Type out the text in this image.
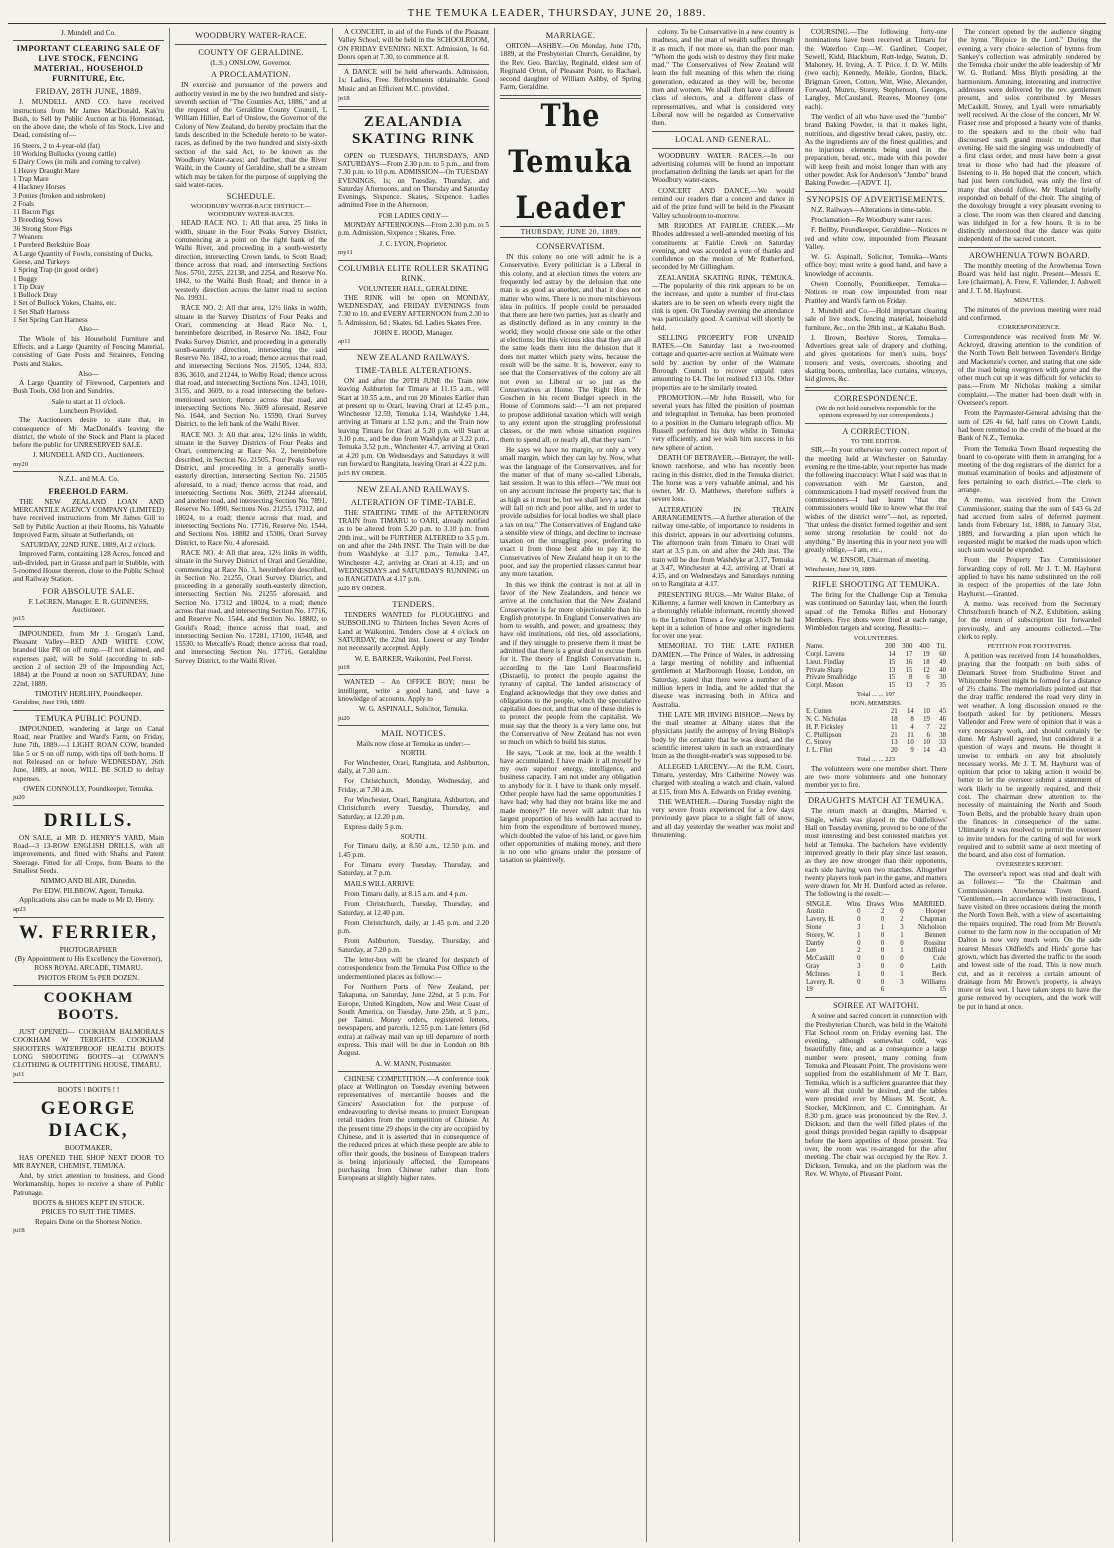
THE TEMUKA LEADER, THURSDAY, JUNE 20, 1889.
J. Mundell and Co.
IMPORTANT CLEARING SALE OF LIVE STOCK, FENCING MATERIAL, HOUSEHOLD FURNITURE, Etc.
FRIDAY, 28TH JUNE, 1889.
J. MUNDELL AND CO. have received instructions from Mr James MacDonald, Kak'ru Bush, to Sell by Public Auction at his Homestead, on the above date, the whole of his Stock, Live and Dead, consisting of—
16 Steers, 2 to 4-year-old (fat)
10 Working Bullocks (young cattle)
6 Dairy Cows (in milk and coming to calve)
1 Heavy Draught Mare
1 Trap Mare
4 Hackney Horses
3 Ponies (broken and unbroken)
2 Foals
11 Bacon Pigs
3 Breeding Sows
36 Strong Store Pigs
7 Weaners
1 Purebred Berkshire Boar
A Large Quantity of Fowls, consisting of Ducks, Geese, and Turkeys
1 Spring Trap (in good order)
1 Buggy
1 Tip Dray
1 Bullock Dray
1 Set of Bullock Yokes, Chains, etc.
1 Set Shaft Harness
1 Set Spring Cart Harness
Also—
The Whole of his Household Furniture and Effects, and a Large Quantity of Fencing Material, consisting of Gate Posts and Strainers, Fencing Posts and Stakes.
Also—
A Large Quantity of Firewood, Carpenters and Bush Tools, Old Iron and Sundries.
Sale to start at 11 o'clock.
Luncheon Provided.
The Auctioneers desire to state that, in consequence of Mr MacDonald's leaving the district, the whole of the Stock and Plant is placed before the public for UNRESERVED SALE.
J. MUNDELL AND CO., Auctioneers.
my20
N.Z.L. and M.A. Co.
FREEHOLD FARM.
THE NEW ZEALAND LOAN AND MERCANTILE AGENCY COMPANY (LIMITED) have received instructions from Mr James Gill to Sell by Public Auction at their Rooms, his Valuable Improved Farm, situate at Sutherlands, on
SATURDAY, 22ND JUNE, 1889, At 2 o'clock.
Improved Farm, containing 128 Acres, fenced and sub-divided, part in Grasse and part in Stubble, with 5-roomed House thereon, close to the Public School and Railway Station.
FOR ABSOLUTE SALE.
F. LeCREN, Manager. E. R. GUINNESS, Auctioneer.
jn15
IMPOUNDED, from Mr J. Grogan's Land, Pleasant Valley—RED AND WHITE COW, branded like PR on off rump.—If not claimed, and expenses paid, will be Sold (according to sub-section 2 of section 29 of the Impounding Act, 1884) at the Pound at noon on SATURDAY, June 22nd, 1889.
TIMOTHY HERLIHY, Poundkeeper.
Geraldine, June 19th, 1889.
TEMUKA PUBLIC POUND.
IMPOUNDED, wandering at large on Canal Road, near Prattley and Ward's Farm, on Friday, June 7th, 1889.—1 LIGHT ROAN COW, branded like 5 or S on off rump, with tips off both horns. If not Released on or before WEDNESDAY, 26th June, 1889, at noon, WILL BE SOLD to defray expenses.
OWEN CONNOLLY, Poundkeeper, Temuka.
ju20
DRILLS.
ON SALE, at MR D. HENRY'S YARD, Main Road—3 13-ROW ENGLISH DRILLS, with all improvements, and fitted with Shafts and Patent Steerage. Fitted for all Crops, from Beans to the Smallest Seeds.
NIMMO AND BLAIR, Dunedin.
Per EDW. PILBROW, Agent, Temuka.
Applications also can be made to Mr D. Henry.
ap23
W. FERRIER,
PHOTOGRAPHER
(By Appointment to His Excellency the Governor),
ROSS ROYAL ARCADE, TIMARU.
PHOTOS FROM 5s PER DOZEN.
COOKHAM BOOTS.
JUST OPENED— COOKHAM BALMORALS COOKHAM W TERIGHTS COOKHAM SHOOTERS WATERPROOF HEALTH BOOTS LONG SHOOTING BOOTS—at COWAN'S CLOTHING & OUTFITTING HOUSE, TIMARU.
ju11
BOOTS ! BOOTS ! !
GEORGE DIACK,
BOOTMAKER,
HAS OPENED THE SHOP NEXT DOOR TO MR RAYNER, CHEMIST, TEMUKA.
And, by strict attention to business, and Good Workmanship, hopes to receive a share of Public Patronage.
BOOTS & SHOES KEPT IN STOCK.
PRICES TO SUIT THE TIMES.
Repairs Done on the Shortest Notice.
ju18
WOODBURY WATER-RACE.
COUNTY OF GERALDINE.
(L.S.) ONSLOW, Governor.
A PROCLAMATION.
IN exercise and pursuance of the powers and authority vested in me by the two hundred and sixty-seventh section of "The Counties Act, 1886," and at the request of the Geraldine County Council, I, William Hillier, Earl of Onslow, the Governor of the Colony of New Zealand, do hereby proclaim that the lands described in the Schedule hereto to be water-races, as defined by the two hundred and sixty-sixth section of the said Act, to be known as the Woodbury Water-races; and further, that the River Waihi, in the County of Geraldine, shall be a stream which may be taken for the purpose of supplying the said water-races.
SCHEDULE.
WOODBURY WATER-RACE DISTRICT.— WOODBURY WATER-RACES.
HEAD RACE NO. 1: All that area, 25 links in width, situate in the Four Peaks Survey District, commencing at a point on the right bank of the Waihi River, and proceeding in a south-westerly direction, intersecting Crown lands, to Scott Road; thence across that road, and intersecting Sections Nos. 5701, 2255, 22138, and 2254, and Reserve No. 1842, to the Waihi Bush Road; and thence in a westerly direction across the latter road to section No. 19931.
RACE NO. 2: All that area, 12½ links in width, situate in the Survey Districts of Four Peaks and Orari, commencing at Head Race No. 1, hereinbefore described, in Reserve No. 1842, Four Peaks Survey District, and proceeding in a generally south-easterly direction, intersecting the said Reserve No. 1842, to a road; thence across that road, and intersecting Sections Nos. 21505, 1244, 833, 836, 3610, and 21244, to Welby Road; thence across that road, and intersecting Sections Nos. 1243, 1010, 3155, and 3609, to a road intersecting the before-mentioned section; thence across that road, and intersecting Sections No. 3609 aforesaid, Reserve No. 1644, and Section No. 15590, Orari Survey District, to the left bank of the Waihi River.
RACE NO. 3: All that area, 12½ links in width, situate in the Survey Districts of Four Peaks and Orari, commencing at Race No. 2, hereinbefore described, in Section No. 21505, Four Peaks Survey District, and proceeding in a generally south-easterly direction, intersecting Section No. 21505 aforesaid, to a road; thence across that road, and intersecting Sections Nos. 3609, 21244 aforesaid, and another road, and intersecting Section No. 7891, Reserve No. 1890, Sections Nos. 21255, 17312, and 18024, to a road; thence across that road, and intersecting Sections No. 17716, Reserve No. 1544, and Sections Nos. 18882 and 15306, Orari Survey District, to Race No. 4 aforesaid.
RACE NO. 4: All that area, 12½ links in width, situate in the Survey District of Orari and Geraldine, commencing at Race No. 3, hereinbefore described, in Section No. 21255, Orari Survey District, and proceeding in a generally south-easterly direction, intersecting Section No. 21255 aforesaid, and Section No. 17312 and 18024, to a road; thence across that road, and intersecting Section No. 17716, and Reserve No. 1544, and Section No. 18882, to Gould's Road; thence across that road, and intersecting Section No. 17281, 17100, 16548, and 15530, to Metcalfe's Road; thence across that road, and intersecting Section No. 17716, Geraldine Survey District, to the Waihi River.
A CONCERT, in aid of the Funds of the Pleasant Valley School, will be held in the SCHOOLROOM, ON FRIDAY EVENING NEXT. Admission, 1s 6d. Doors open at 7.30, to commence at 8.
A DANCE will be held afterwards. Admission, 1s; Ladies, Free. Refreshments obtainable. Good Music and an Efficient M.C. provided.
jn18
ZEALANDIA SKATING RINK
OPEN on TUESDAYS, THURSDAYS, AND SATURDAYS—From 2.30 p.m. to 5 p.m., and from 7.30 p.m. to 10 p.m. ADMISSION—On TUESDAY EVENINGS, 1s; on Tuesday, Thursday, and Saturday Afternoons, and on Thursday and Saturday Evenings, Sixpence. Skates, Sixpence. Ladies admitted Free in the Afternoon.
FOR LADIES ONLY—
MONDAY AFTERNOONS—From 2.30 p.m. to 5 p.m. Admission, Sixpence ; Skates, Free.
J. C. LYON, Proprietor.
my11
COLUMBIA ELITE ROLLER SKATING RINK.
VOLUNTEER HALL, GERALDINE.
THE RINK will be open on MONDAY, WEDNESDAY, and FRIDAY EVENINGS from 7.30 to 10, and EVERY AFTERNOON from 2.30 to 5. Admission, 6d ; Skates, 6d. Ladies Skates Free.
JOHN E. HOOD, Manager.
ap11
NEW ZEALAND RAILWAYS.
TIME-TABLE ALTERATIONS.
ON and after the 20TH JUNE the Train now leaving Ashburton for Timaru at 11.15 a.m., will Start at 10.55 a.m., and run 20 Minutes Earlier than at present up to Orari, leaving Orari at 12.45 p.m., Winchester 12.59, Temuka 1.14, Washdyke 1.44, arriving at Timaru at 1.52 p.m.; and the Train now leaving Timaru for Orari at 5.20 p.m. will Start at 3.10 p.m., and be due from Washdyke at 3.22 p.m., Temuka 3.52 p.m., Winchester 4.7, arriving at Orari at 4.20 p.m. On Wednesdays and Saturdays it will run forward to Rangitata, leaving Orari at 4.22 p.m.
ju15 BY ORDER.
NEW ZEALAND RAILWAYS.
ALTERATION OF TIME-TABLE.
THE STARTING TIME of the AFTERNOON TRAIN from TIMARU to OARI, already notified as to be altered from 5.20 p.m. to 3.10 p.m. from 20th inst., will be FURTHER ALTERED to 3.5 p.m. on and after the 24th INST. The Train will be due from Washdyke at 3.17 p.m., Temuka 3.47, Winchester 4.2, arriving at Orari at 4.15; and on WEDNESDAYS and SATURDAYS RUNNING on to RANGITATA at 4.17 p.m.
ju20 BY ORDER.
TENDERS.
TENDERS WANTED for PLOUGHING and SUBSOILING to Thirteen Inches Seven Acres of Land at Waikonini. Tenders close at 4 o'clock on SATURDAY, the 22nd inst. Lowest or any Tender not necessarily accepted. Apply
W. E. BARKER, Waikonini, Peel Forest.
ju18
WANTED – An OFFICE BOY; must be intelligent, write a good hand, and have a knowledge of accounts. Apply to
W. G. ASPINALL, Solicitor, Temuka.
ju20
MAIL NOTICES.
Mails now close at Temuka as under:—
NORTH.
For Winchester, Orari, Rangitata, and Ashburton, daily, at 7.30 a.m.
For Christchurch, Monday, Wednesday, and Friday, at 7.30 a.m.
For Winchester, Orari, Rangitata, Ashburton, and Christchurch every Tuesday, Thursday, and Saturday, at 12.20 p.m.
Express daily 5 p.m.
SOUTH.
For Timaru daily, at 8.50 a.m., 12.50 p.m. and 1.45 p.m.
For Timaru every Tuesday, Thursday, and Saturday, at 7 p.m.
MAILS WILL ARRIVE
From Timaru daily, at 8.15 a.m. and 4 p.m.
From Christchurch, Tuesday, Thursday, and Saturday, at 12.40 p.m.
From Christchurch, daily, at 1.45 p.m. and 2.20 p.m.
From Ashburton, Tuesday, Thursday, and Saturday, at 7.20 p.m.
The letter-box will be cleared for despatch of correspondence from the Temuka Post Office to the undermentioned places as follow:—
For Northern Ports of New Zealand, per Takapuna, on Saturday, June 22nd, at 5 p.m. For Europe, United Kingdom, Now and West Coast of South America, on Tuesday, June 25th, at 5 p.m., per Tainui. Money orders, registered letters, newspapers, and parcels, 12.55 p.m. Late letters (6d extra) at railway mail van up till departure of north express. This mail will be due in London on 8th August.
A. W. MANN, Postmaster.
CHINESE COMPETITION.—A conference took place at Wellington on Tuesday evening between representatives of mercantile houses and the Grocers' Association for the purpose of endeavouring to devise means to protect European retail traders from the competition of Chinese. At the present time 29 shops in the city are occupied by Chinese, and it is asserted that in consequence of the reduced prices at which these people are able to offer their goods, the business of European traders is being injuriously affected, the Europeans purchasing from Chinese rather than from Europeans at slightly higher rates.
MARRIAGE.
ORTON—ASHBY.—On Monday, June 17th, 1889, at the Presbyterian Church, Geraldine, by the Rev. Geo. Barclay, Reginald, eldest son of Reginald Orton, of Pleasant Point, to Rachael, second daughter of William Ashby, of Spring Farm, Geraldine.
The Temuka Leader
THURSDAY, JUNE 20, 1889.
CONSERVATISM.
IN this colony no one will admit he is a Conservative. Every politician is a Liberal in this colony, and at election times the voters are frequently led astray by the delusion that one man is as good as another, and that it does not matter who wins. There is no more mischievous idea in politics. If people could be persuaded that there are here two parties, just as clearly and as distinctly defined as in any country in the world, they would choose one side or the other at elections; but this vicious idea that they are all the same leads them into the delusion that it does not matter which party wins, because the result will be the same. It is, however, easy to see that the Conservatives of the colony are all not even so Liberal or so just as the Conservatives at Home. The Right Hon. Mr Goschen in his recent Budget speech in the House of Commons said:—"I am not prepared to propose additional taxation which will weigh to any extent upon the struggling professional classes, or the men whose situation requires them to spend all, or nearly all, that they earn."
He says we have no margin, or only a very small margin, which they can lay by. Now, what was the language of the Conservatives, and for the matter of that of many so-called Liberals, last session. It was to this effect—"We must not on any account increase the property tax; that is as high as it must be, but we shall levy a tax that will fall on rich and poor alike, and in order to provide subsidies for local bodies we shall place a tax on tea." The Conservatives of England take a sensible view of things, and decline to increase taxation on the struggling poor, preferring to exact it from those best able to pay it; the Conservatives of New Zealand heap it on to the poor, and say the propertied classes cannot bear any more taxation.
In this we think the contrast is not at all in favor of the New Zealanders, and hence we arrive at the conclusion that the New Zealand Conservative is far more objectionable than his English prototype. In England Conservatives are born to wealth, and power, and greatness; they have old institutions, old ties, old associations, and if they struggle to preserve them it must be admitted that there is a great deal to excuse them for it. The theory of English Conservatism is, according to the late Lord Beaconsfield (Disraeli), to protect the people against the tyranny of capital. The landed aristocracy of England acknowledge that they owe duties and obligations to the people, which the speculative capitalist does not, and that one of these duties is to protect the people from the capitalist. We must say that the theory is a very lame one, but the Conservative of New Zealand has not even so much on which to build his status.
He says, "Look at me, look at the wealth I have accumulated; I have made it all myself by my own superior energy, intelligence, and business capacity. I am not under any obligation to anybody for it. I have to thank only myself. Other people have had the same opportunities I have had; why had they not brains like me and made money?" He never will admit that his largest proportion of his wealth has accrued to him from the expenditure of borrowed money, which doubled the value of his land, or gave him other opportunities of making money, and there is no one who groans under the pressure of taxation so plaintively.
colony. To be Conservative in a new country is madness, and the man of wealth suffers through it as much, if not more so, than the poor man. "Whom the gods wish to destroy they first make mad." The Conservatives of New Zealand will learn the full meaning of this when the rising generation, educated as they will be, become men and women. We shall then have a different class of electors, and a different class of representatives, and what is considered very Liberal now will be regarded as Conservative then.
LOCAL AND GENERAL.
WOODBURY WATER RACES.—In our advertising columns will be found an important proclamation defining the lands set apart for the Woodbury water-races.
CONCERT AND DANCE.—We would remind our readers that a concert and dance in aid of the prize fund will be held in the Pleasant Valley schoolroom to-morrow.
MR RHODES AT FAIRLIE CREEK.—Mr Rhodes addressed a well-attended meeting of his constituents at Fairlie Creek on Saturday evening, and was accorded a vote of thanks and confidence on the motion of Mr Rutherford, seconded by Mr Gillingham.
ZEALANDIA SKATING RINK, TEMUKA.—The popularity of this rink appears to be on the increase, and quite a number of first-class skaters are to be seen on wheels every night the rink is open. On Tuesday evening the attendance was particularly good. A carnival will shortly be held.
SELLING PROPERTY FOR UNPAID RATES.—On Saturday last a two-roomed cottage and quarter-acre section at Waimate were sold by auction by order of the Waimate Borough Council to recover unpaid rates amounting to £4. The lot realised £13 10s. Other properties are to be similarly treated.
PROMOTION.—Mr John Russell, who for several years has filled the position of postman and telegraphist in Temuka, has been promoted to a position in the Oamaru telegraph office. Mr Russell performed his duty whilst in Temuka very efficiently, and we wish him success in his new sphere of action.
DEATH OF BETRAYER.—Betrayer, the well-known racehorse, and who has recently been racing in this district, died in the Temuka district. The horse was a very valuable animal, and his owner, Mr O. Matthews, therefore suffers a severe loss.
ALTERATION IN TRAIN ARRANGEMENTS.—A further alteration of the railway time-table, of importance to residents in this district, appears in our advertising columns. The afternoon train from Timaru to Orari will start at 3.5 p.m. on and after the 24th inst. The train will be due from Washdyke at 3.17, Temuka at 3.47, Winchester at 4.2, arriving at Orari at 4.15, and on Wednesdays and Saturdays running on to Rangitata at 4.17.
PRESENTING RUGS.—Mr Walter Blake, of Kilkenny, a farmer well known in Canterbury as a thoroughly reliable informant, recently showed to the Lyttelton Times a few eggs which he had kept in a solution of brine and other ingredients for over one year.
MEMORIAL TO THE LATE FATHER DAMIEN.—The Prince of Wales, in addressing a large meeting of nobility and influential gentlemen at Marlborough House, London, on Saturday, stated that there were a number of a million lepers in India, and he added that the disease was increasing both in Africa and Australia.
THE LATE MR IRVING BISHOP.—News by the mail steamer at Albany states that the physicians justify the autopsy of Irving Bishop's body by the certainty that he was dead, and the scientific interest taken in such an extraordinary brain as the thought-reader's was supposed to be.
ALLEGED LARCENY.—At the R.M. Court, Timaru, yesterday, Mrs Catherine Nowey was charged with stealing a watch and chain, valued at £15, from Mrs A. Edwards on Friday evening.
THE WEATHER.—During Tuesday night the very severe frosts experienced for a few days previously gave place to a slight fall of snow, and all day yesterday the weather was moist and threatening.
COURSING.—The following forty-one nominations have been received at Timaru for the Waterloo Cup:—W. Gardiner, Cooper, Sewell, Kidd, Blackburn, Rutt-ledge, Seaton, D. Mahoney, H. Irving, A. T. Price, J. D. W. Mills (two each); Kennedy, Meikle, Gordon, Black, Brigman Green, Cotton, Witt, Wise, Alexander, Forward, Munro, Storey, Stephenson, Georges, Langley, McCausland, Reaves, Mooney (one each).
The verdict of all who have used the "Jumbo" brand Baking Powder, is that it makes light, nutritious, and digestive bread cakes, pastry, etc. As the ingredients are of the finest qualities, and no injurious elements being used in the preparation, bread, etc., made with this powder will keep fresh and moist longer than with any other powder. Ask for Anderson's "Jumbo" brand Baking Powder.—[ADVT. 1].
SYNOPSIS OF ADVERTISEMENTS.
N.Z. Railways—Alterations in time-table.
Proclamation—Re Woodbury water races.
F. Bellby, Poundkeeper, Geraldine—Notices re red and white cow, impounded from Pleasant Valley.
W. G. Aspinall, Solicitor, Temuka—Wants office boy; must write a good hand, and have a knowledge of accounts.
Owen Connolly, Poundkeeper, Temuka—Notices re roan cow impounded from near Prattley and Ward's farm on Friday.
J. Mundell and Co.—Hold important clearing sale of live stock, fencing material, household furniture, &c., on the 28th inst., at Kakahu Bush.
J. Brown, Beehive Stores, Temuka—Advertises great sale of drapery and clothing, and gives quotations for men's suits, boys' trousers and vests, overcoats, shooting and skating boots, umbrellas, lace curtains, winceys, kid gloves, &c.
CORRESPONDENCE.
(We do not hold ourselves responsible for the opinions expressed by our correspondents.)
A CORRECTION.
TO THE EDITOR.
SIR,—In your otherwise very correct report of the meeting held at Winchester on Saturday evening re the time-table, your reporter has made the following inaccuracy: What I said was that in conversation with Mr Garston, and communications I had myself received from the commissioners—I had learnt "that the commissioners would like to know what the real wishes of the district were"—not, as reported, "that unless the district formed together and sent some strong resolution he could not do anything." By inserting this in your next you will greatly oblige,—I am, etc.,
A. W. ENSOR, Chairman of meeting.
Winchester, June 19, 1889.
RIFLE SHOOTING AT TEMUKA.
The firing for the Challenge Cup at Temuka was continued on Saturday last, when the fourth squad of the Temuka Rifles and Honorary Members. Five shots were fired at each range, Wimbledon targets and scoring. Results:—
VOLUNTEERS.
Name.	200	300	400	Ttl.
Corpl. Lavens	14	17	19	60
Lieut. Findlay	15	16	18	49
Private Sharp	13	15	12	40
Private Smallridge	15	8	6	30
Corpl. Mason	15	13	7	35
Total ... ... 197
HON. MEMBERS.
E. Cutten	21	14	10	45
N. C. Nicholas	18	8	19	46
H. P. Ficksley	11	4	7	22
C. Phillipson	21	11	6	38
C. Storey	13	10	10	33
J. L. Flint	20	9	14	43
Total ... ... 223
The volunteers were one member short. There are two more volunteers and one honorary member yet to fire.
DRAUGHTS MATCH AT TEMUKA.
The return match at draughts, Married v. Single, which was played in the Oddfellows' Hall on Tuesday evening, proved to be one of the most interesting and best contested matches yet held at Temuka. The bachelors have evidently improved greatly in their play since last season, as they are now stronger than their opponents, each side having won two matches. Altogether twenty players took part in the game, and matters were drawn for. Mr H. Dunford acted as referee. The following is the result:—
SINGLE.	Wins	Draws	Wins	MARRIED.
Austin	0	2	0	Hooper
Lavery, H.	0	0	2	Chapman
Stone	3	1	3	Nicholson
Storey, W.	1	0	1	Bennett
Danby	0	0	0	Rossiter
Lee	2	0	1	Oldfield
McCaskill	0	0	0	Cole
Gray	3	0	0	Leith
McInnes	1	0	1	Beck
Lavery, R.	0	0	3	Williams
19		6		15
SOIREE AT WAITOHI.
A soiree and sacred concert in connection with the Presbyterian Church, was held in the Waitohi Flat School room on Friday evening last. The evening, although somewhat cold, was beautifully fine, and as a consequence a large number were present, many coming from Temuka and Pleasant Point. The provisions were supplied from the establishment of Mr T. Barr, Temuka, which is a sufficient guarantee that they were all that could be desired, and the tables were presided over by Misses M. Scott, A. Stocker, McKinnon, and C. Cunningham. At 8.30 p.m. grace was pronounced by the Rev. J. Dickson, and then the well filled plates of the good things provided began rapidly to disappear before the keen appetites of those present. Tea over, the room was re-arranged for the after meeting. The chair was occupied by the Rev. J. Dickson, Temuka, and on the platform was the Rev. W. Whyte, of Pleasant Point.
The concert opened by the audience singing the hymn "Rejoice in the Lord." During the evening a very choice selection of hymns from Sankey's collection was admirably rendered by the Temuka choir under the able leadership of Mr W. G. Rutland, Miss Blyth presiding at the harmonium. Amusing, interesting and instructive addresses were delivered by the rev. gentlemen present, and solos contributed by Messrs McCaskill, Storey, and Lyall were remarkably well received. At the close of the concert, Mr W. Fraser rose and proposed a hearty vote of thanks to the speakers and to the choir who had discoursed such grand music to them that evening. He said the singing was undoubtedly of a first class order, and must have been a great treat to those who had had the pleasure of listening to it. He hoped that the concert, which had just been concluded, was only the first of many that should follow. Mr Rutland briefly responded on behalf of the choir. The singing of the doxology brought a very pleasant evening to a close. The room was then cleared and dancing was indulged in for a few hours. It is to be distinctly understood that the dance was quite independent of the sacred concert.
AROWHENUA TOWN BOARD.
The monthly meeting of the Arowhenua Town Board was held last night. Present—Messrs E. Lee (chairman), A. Frew, F. Vallender, J. Ashwell and J. T. M. Hayhurst.
MINUTES.
The minutes of the previous meeting were read and confirmed.
CORRESPONDENCE.
Correspondence was received from Mr W. Ackroyd, drawing attention to the condition of the North Town Belt between Tavender's Bridge and Mackenzie's corner, and stating that one side of the road being overgrown with gorse and the other much cut up it was difficult for vehicles to pass.—From Mr Nicholas making a similar complaint.—The matter had been dealt with in Overseer's report.
From the Paymaster-General advising that the sum of £26 4s 6d, half rates on Crown Lands, had been remitted to the credit of the board at the Bank of N.Z., Temuka.
From the Temuka Town Board requesting the board to co-operate with them in arranging for a meeting of the dog registrars of the district for a mutual examination of books and adjustment of fees pertaining to each district.—The clerk to arrange.
A memo. was received from the Crown Commissioner, stating that the sum of £43 6s 2d had accrued from sales of deferred payment lands from February 1st, 1888, to January 31st, 1889, and forwarding a plan upon which he requested might be marked the roads upon which such sum would be expended.
From the Property Tax Commissioner forwarding copy of roll. Mr J. T. M. Hayhurst applied to have his name substituted on the roll in respect of the properties of the late John Hayhurst.—Granted.
A memo. was received from the Secretary Christchurch branch of N.Z. Exhibition, asking for the return of subscription list forwarded previously, and any amounts collected.—The clerk to reply.
PETITION FOR FOOTPATHS.
A petition was received from 14 householders, praying that the footpath on both sides of Denmark Street from Studholme Street and Whitcombe Street might be formed for a distance of 2½ chains. The memorialists pointed out that the dray traffic rendered the road very dirty in wet weather. A long discussion ensued re the footpath asked for by petitioners. Messrs Vallender and Frew were of opinion that it was a very necessary work, and should certainly be done. Mr Ashwell agreed, but considered it a question of ways and means. He thought it unwise to embark on any but absolutely necessary works. Mr J. T. M. Hayhurst was of opinion that prior to taking action it would be better to let the overseer submit a statement of work likely to be urgently required, and their cost. The chairman drew attention to the necessity of maintaining the North and South Town Belts, and the probable heavy drain upon the finances in consequence of the same. Ultimately it was resolved to permit the overseer to invite tenders for the carting of soil for work required and to submit same at next meeting of the board, and also cost of formation.
OVERSEER'S REPORT.
The overseer's report was read and dealt with as follows:— "To the Chairman and Commissioners Arowhenua Town Board. "Gentlemen,—In accordance with instructions, I have visited on three occasions during the month the North Town Belt, with a view of ascertaining the repairs required. The road from Mr Brown's corner to the farm now in the occupation of Mr Dalton is now very much worn. On the side nearest Messrs Oldfield's and Hirds' gorse has grown, which has diverted the traffic to the south and lowest side of the road. This is now much cut, and as it receives a certain amount of drainage from Mr Brown's property, is always more or less wet. I have taken steps to have the gorse removed by occupiers, and the work will be put in hand at once.
